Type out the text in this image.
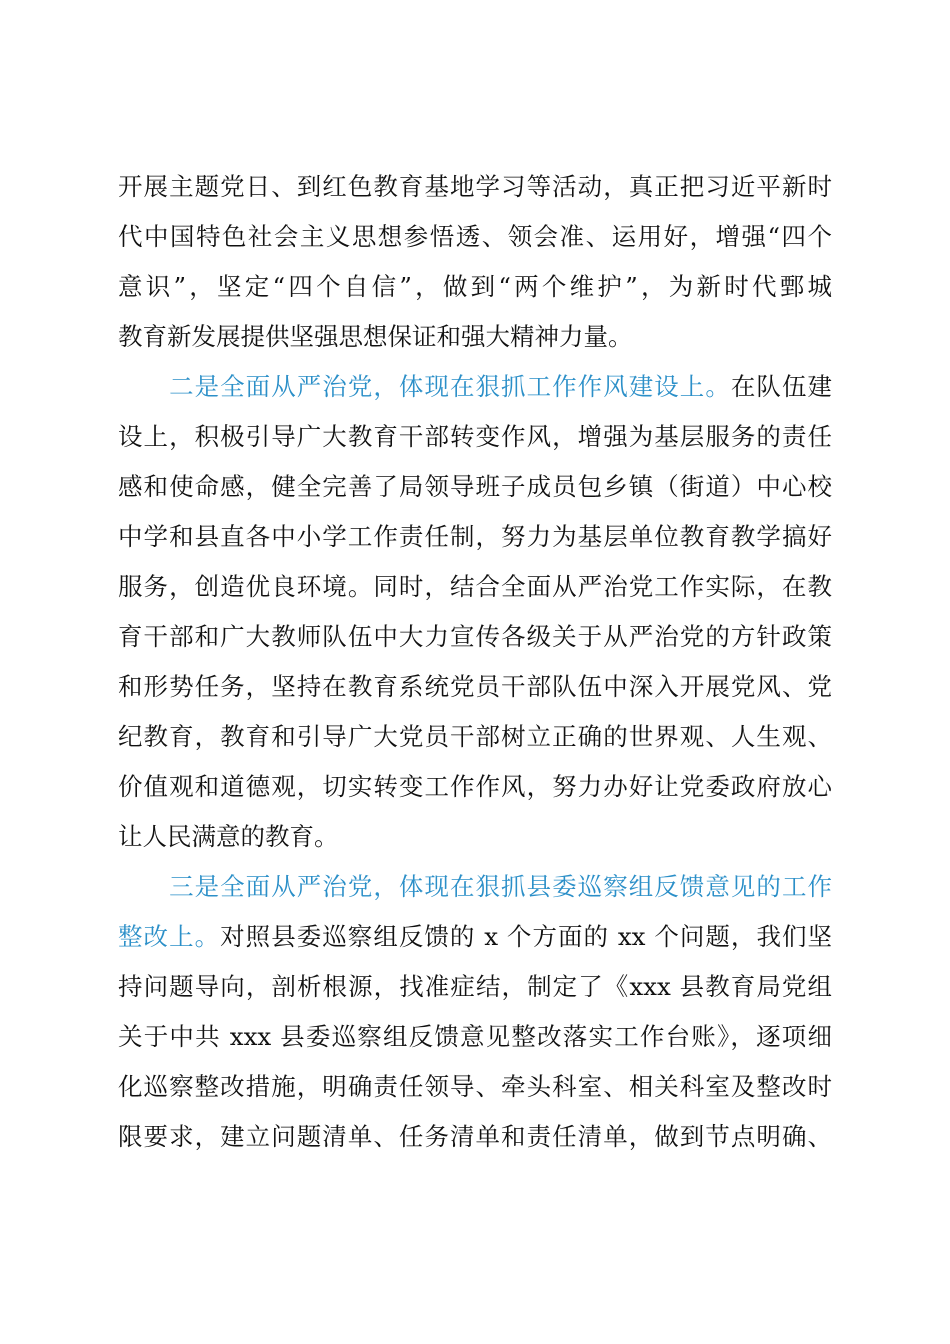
开展主题党日、到红色教育基地学习等活动，真正把习近平新时
代中国特色社会主义思想参悟透、领会准、运用好，增强“四个
意识”，坚定“四个自信”，做到“两个维护”，为新时代鄄城
教育新发展提供坚强思想保证和强大精神力量。
　　二是全面从严治党，体现在狠抓工作作风建设上。在队伍建
设上，积极引导广大教育干部转变作风，增强为基层服务的责任
感和使命感，健全完善了局领导班子成员包乡镇（街道）中心校
中学和县直各中小学工作责任制，努力为基层单位教育教学搞好
服务，创造优良环境。同时，结合全面从严治党工作实际，在教
育干部和广大教师队伍中大力宣传各级关于从严治党的方针政策
和形势任务，坚持在教育系统党员干部队伍中深入开展党风、党
纪教育，教育和引导广大党员干部树立正确的世界观、人生观、
价值观和道德观，切实转变工作作风，努力办好让党委政府放心
让人民满意的教育。
　　三是全面从严治党，体现在狠抓县委巡察组反馈意见的工作
整改上。对照县委巡察组反馈的 x 个方面的 xx 个问题，我们坚
持问题导向，剖析根源，找准症结，制定了《xxx 县教育局党组
关于中共 xxx 县委巡察组反馈意见整改落实工作台账》，逐项细
化巡察整改措施，明确责任领导、牵头科室、相关科室及整改时
限要求，建立问题清单、任务清单和责任清单，做到节点明确、
